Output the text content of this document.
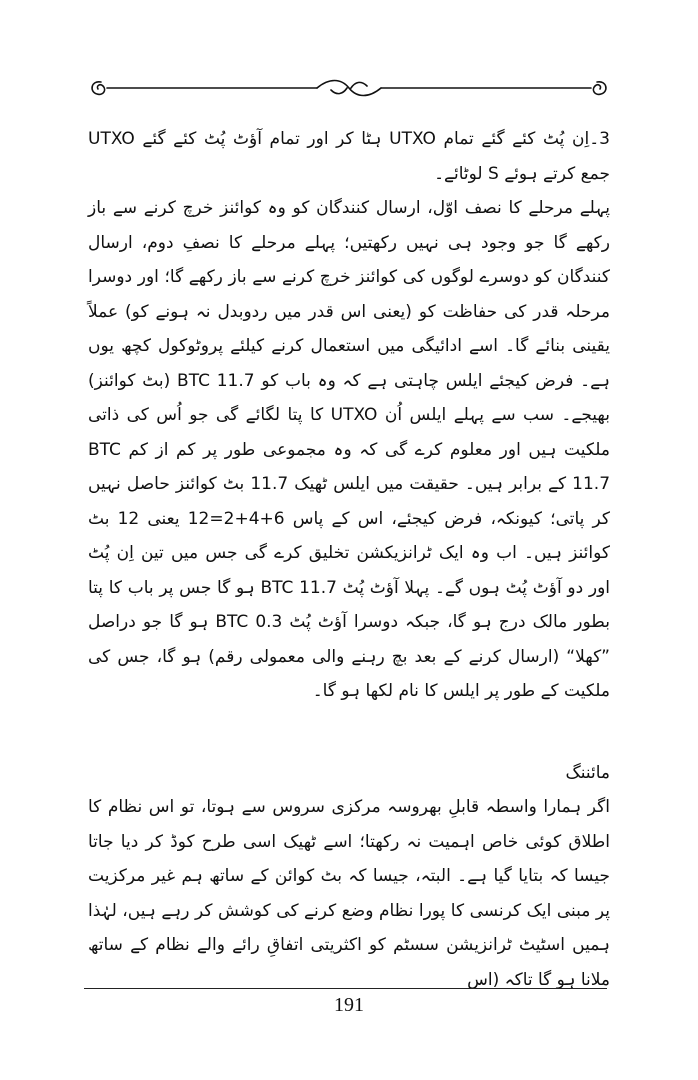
3۔اِن پُٹ کئے گئے تمام UTXO ہٹا کر اور تمام آؤٹ پُٹ کئے گئے UTXO جمع کرتے ہوئے S لوٹائے۔

پہلے مرحلے کا نصف اوّل، ارسال کنندگان کو وہ کوائنز خرچ کرنے سے باز رکھے گا جو وجود ہی نہیں رکھتیں؛ پہلے مرحلے کا نصفِ دوم، ارسال کنندگان کو دوسرے لوگوں کی کوائنز خرچ کرنے سے باز رکھے گا؛ اور دوسرا مرحلہ قدر کی حفاظت کو (یعنی اس قدر میں ردوبدل نہ ہونے کو) عملاً یقینی بنائے گا۔ اسے ادائیگی میں استعمال کرنے کیلئے پروٹوکول کچھ یوں ہے۔ فرض کیجئے ایلس چاہتی ہے کہ وہ باب کو BTC 11.7 (بٹ کوائنز) بھیجے۔ سب سے پہلے ایلس اُن UTXO کا پتا لگائے گی جو اُس کی ذاتی ملکیت ہیں اور معلوم کرے گی کہ وہ مجموعی طور پر کم از کم BTC 11.7 کے برابر ہیں۔ حقیقت میں ایلس ٹھیک 11.7 بٹ کوائنز حاصل نہیں کر پاتی؛ کیونکہ، فرض کیجئے، اس کے پاس 6+4+2=12 یعنی 12 بٹ کوائنز ہیں۔ اب وہ ایک ٹرانزیکشن تخلیق کرے گی جس میں تین اِن پُٹ اور دو آؤٹ پُٹ ہوں گے۔ پہلا آؤٹ پُٹ BTC 11.7 ہو گا جس پر باب کا پتا بطور مالک درج ہو گا، جبکہ دوسرا آؤٹ پُٹ BTC 0.3 ہو گا جو دراصل ”کھلا“ (ارسال کرنے کے بعد بچ رہنے والی معمولی رقم) ہو گا، جس کی ملکیت کے طور پر ایلس کا نام لکھا ہو گا۔

مائننگ

اگر ہمارا واسطہ قابلِ بھروسہ مرکزی سروس سے ہوتا، تو اس نظام کا اطلاق کوئی خاص اہمیت نہ رکھتا؛ اسے ٹھیک اسی طرح کوڈ کر دیا جاتا جیسا کہ بتایا گیا ہے۔ البتہ، جیسا کہ بٹ کوائن کے ساتھ ہم غیر مرکزیت پر مبنی ایک کرنسی کا پورا نظام وضع کرنے کی کوشش کر رہے ہیں، لہٰذا ہمیں اسٹیٹ ٹرانزیشن سسٹم کو اکثریتی اتفاقِ رائے والے نظام کے ساتھ ملانا ہو گا تاکہ (اس

191
